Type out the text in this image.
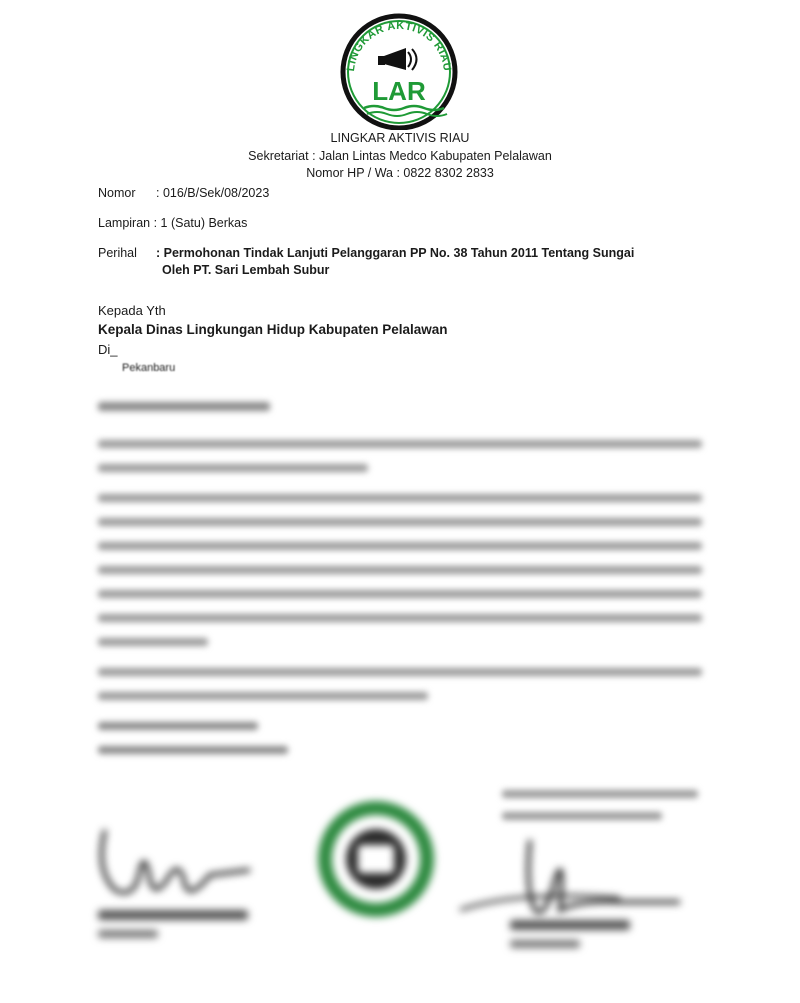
LINGKAR AKTIVIS RIAU
LAR
LINGKAR AKTIVIS RIAU
Sekretariat : Jalan Lintas Medco Kabupaten Pelalawan
Nomor HP / Wa : 0822 8302 2833
Nomor : 016/B/Sek/08/2023
Lampiran : 1 (Satu) Berkas
Perihal : Permohonan Tindak Lanjuti Pelanggaran PP No. 38 Tahun 2011 Tentang Sungai
Oleh PT. Sari Lembah Subur
Kepada Yth
Kepala Dinas Lingkungan Hidup Kabupaten Pelalawan
Di_
Pekanbaru
